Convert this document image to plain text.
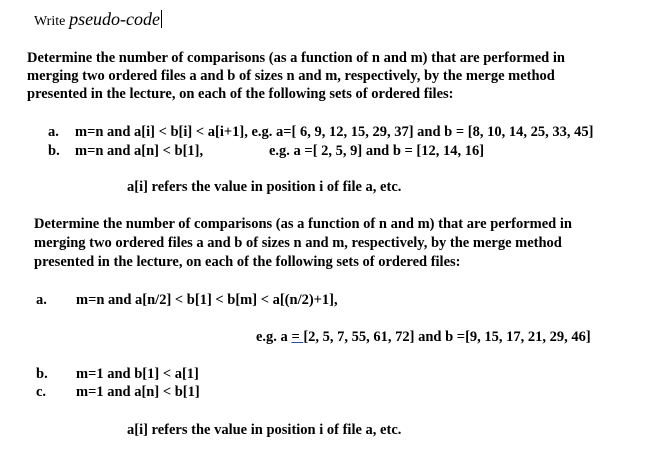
Write pseudo-code
Determine the number of comparisons (as a function of n and m) that are performed in
merging two ordered files a and b of sizes n and m, respectively, by the merge method
presented in the lecture, on each of the following sets of ordered files:
a. m=n and a[i] < b[i] < a[i+1], e.g. a=[ 6, 9, 12, 15, 29, 37] and b = [8, 10, 14, 25, 33, 45]
b. m=n and a[n] < b[1],	e.g. a =[ 2, 5, 9] and b = [12, 14, 16]
a[i] refers the value in position i of file a, etc.
Determine the number of comparisons (as a function of n and m) that are performed in
merging two ordered files a and b of sizes n and m, respectively, by the merge method
presented in the lecture, on each of the following sets of ordered files:
a. m=n and a[n/2] < b[1] < b[m] < a[(n/2)+1],
e.g. a = [2, 5, 7, 55, 61, 72] and b =[9, 15, 17, 21, 29, 46]
b. m=1 and b[1] < a[1]
c. m=1 and a[n] < b[1]
a[i] refers the value in position i of file a, etc.
